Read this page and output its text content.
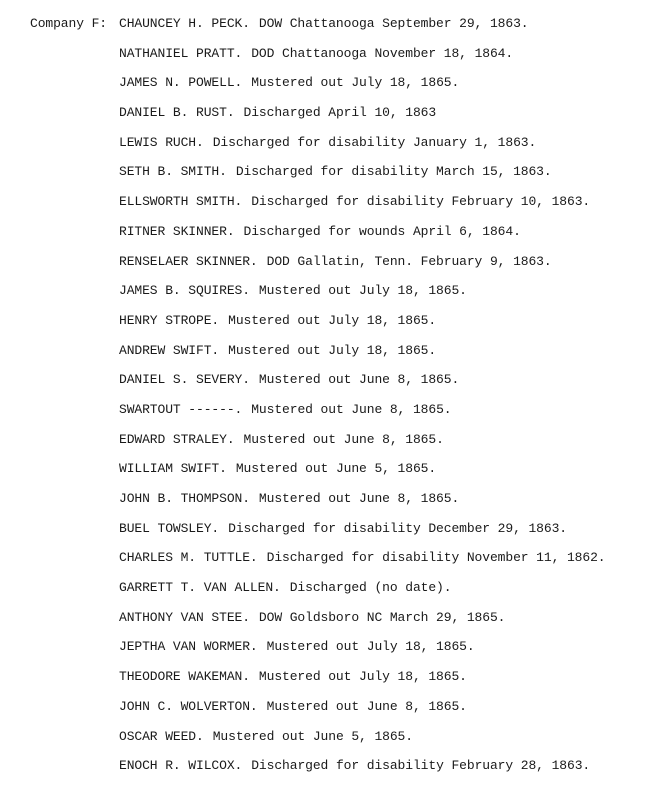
Company F: CHAUNCEY H. PECK. DOW Chattanooga September 29, 1863.
NATHANIEL PRATT. DOD Chattanooga November 18, 1864.
JAMES N. POWELL. Mustered out July 18, 1865.
DANIEL B. RUST. Discharged April 10, 1863
LEWIS RUCH. Discharged for disability January 1, 1863.
SETH B. SMITH. Discharged for disability March 15, 1863.
ELLSWORTH SMITH. Discharged for disability February 10, 1863.
RITNER SKINNER. Discharged for wounds April 6, 1864.
RENSELAER SKINNER. DOD Gallatin, Tenn. February 9, 1863.
JAMES B. SQUIRES. Mustered out July 18, 1865.
HENRY STROPE. Mustered out July 18, 1865.
ANDREW SWIFT. Mustered out July 18, 1865.
DANIEL S. SEVERY. Mustered out June 8, 1865.
SWARTOUT ------. Mustered out June 8, 1865.
EDWARD STRALEY. Mustered out June 8, 1865.
WILLIAM SWIFT. Mustered out June 5, 1865.
JOHN B. THOMPSON. Mustered out June 8, 1865.
BUEL TOWSLEY. Discharged for disability December 29, 1863.
CHARLES M. TUTTLE. Discharged for disability November 11, 1862.
GARRETT T. VAN ALLEN. Discharged (no date).
ANTHONY VAN STEE. DOW Goldsboro NC March 29, 1865.
JEPTHA VAN WORMER. Mustered out July 18, 1865.
THEODORE WAKEMAN. Mustered out July 18, 1865.
JOHN C. WOLVERTON. Mustered out June 8, 1865.
OSCAR WEED. Mustered out June 5, 1865.
ENOCH R. WILCOX. Discharged for disability February 28, 1863.
